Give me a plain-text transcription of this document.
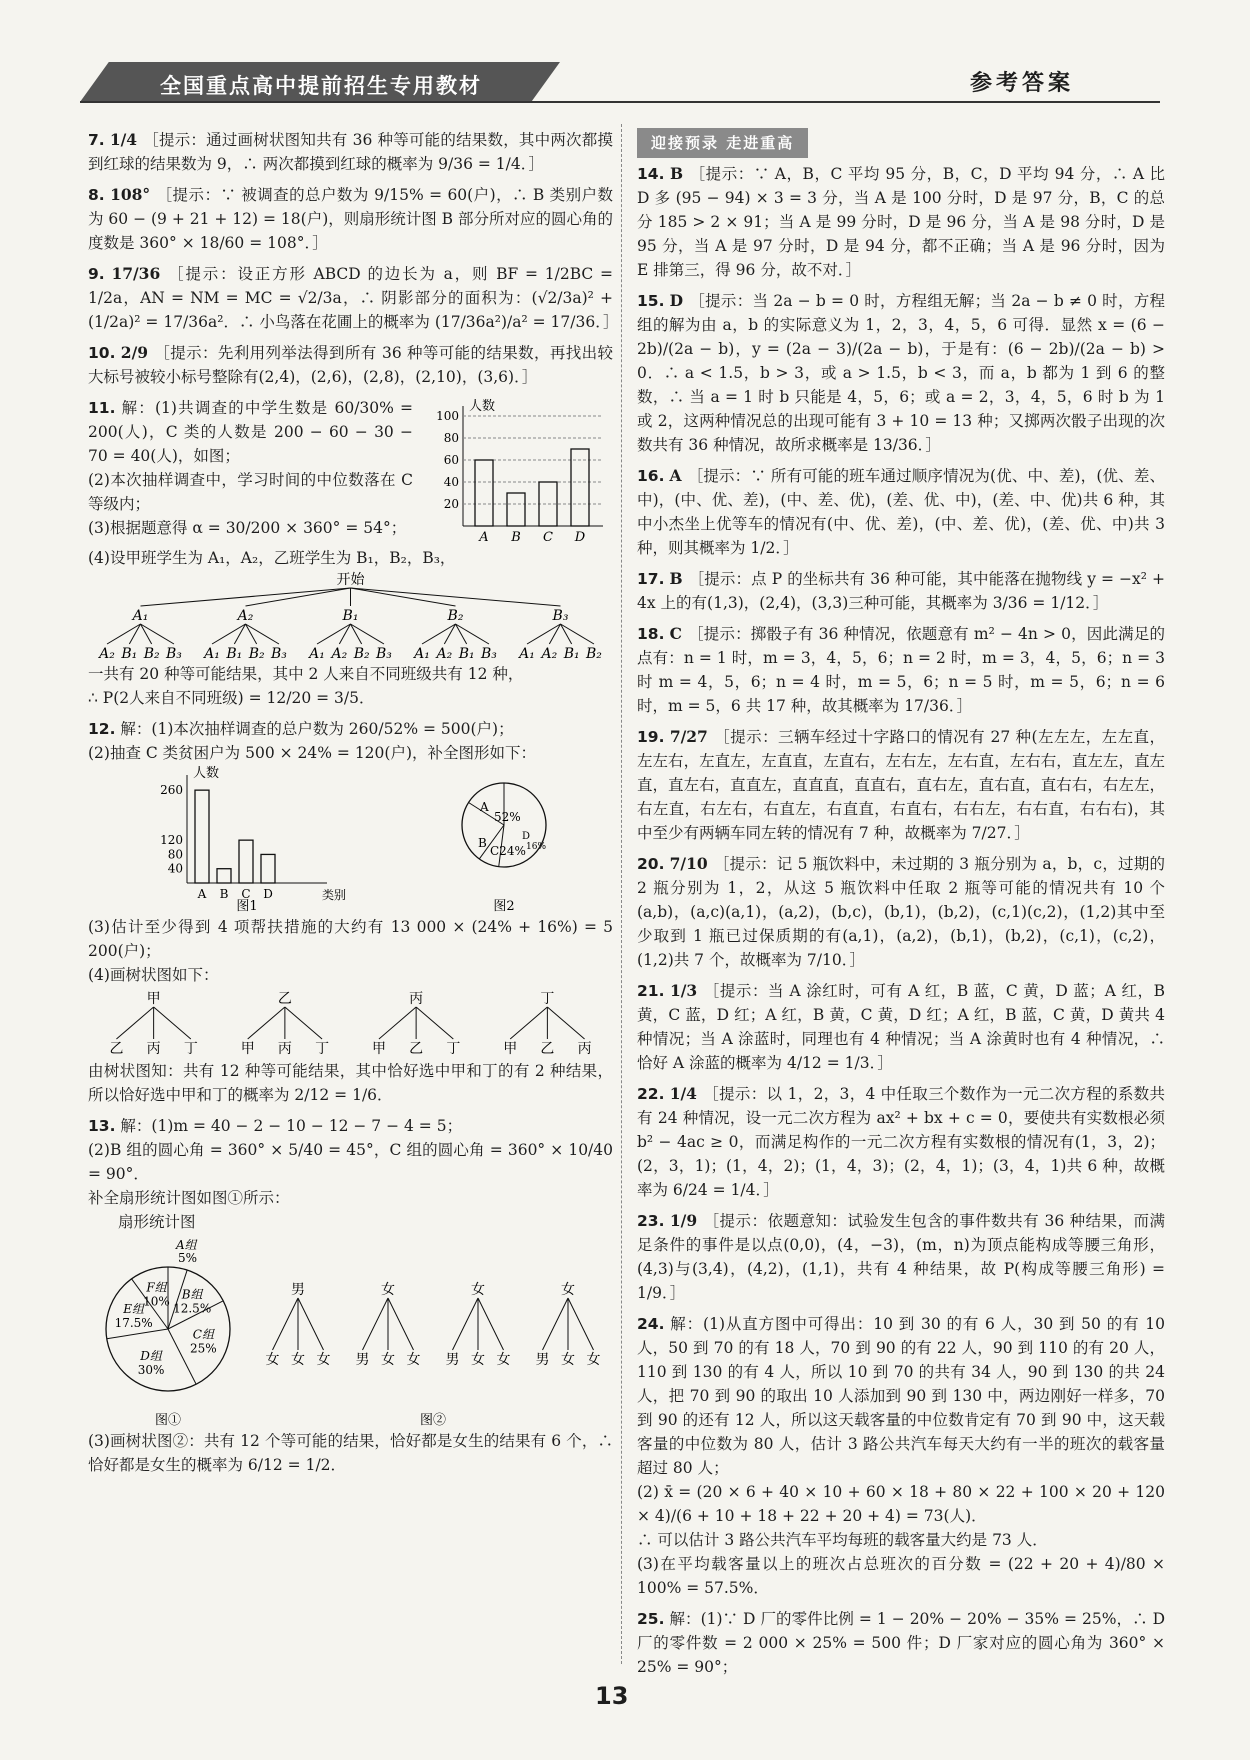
全国重点高中提前招生专用教材	参考答案
7. 1/4 ［提示：通过画树状图知共有 36 种等可能的结果数，其中两次都摸到红球的结果数为 9，∴ 两次都摸到红球的概率为 9/36 = 1/4．］
8. 108° ［提示：∵ 被调查的总户数为 9/15% = 60(户)，∴ B 类别户数为 60 − (9 + 21 + 12) = 18(户)，则扇形统计图 B 部分所对应的圆心角的度数是 360° × 18/60 = 108°．］
9. 17/36 ［提示：设正方形 ABCD 的边长为 a，则 BF = 1/2BC = 1/2a，AN = NM = MC = √2/3a，∴ 阴影部分的面积为：(√2/3a)² + (1/2a)² = 17/36a²．∴ 小鸟落在花圃上的概率为 (17/36a²)/a² = 17/36．］
10. 2/9 ［提示：先利用列举法得到所有 36 种等可能的结果数，再找出较大标号被较小标号整除有(2,4)，(2,6)，(2,8)，(2,10)，(3,6)．］
11. 解：(1)共调查的中学生数是 60/30% = 200(人)，C 类的人数是 200 − 60 − 30 − 70 = 40(人)，如图；
(2)本次抽样调查中，学习时间的中位数落在 C 等级内；
(3)根据题意得 α = 30/200 × 360° = 54°；
人数
20
40
60
80
100
A B C D
(4)设甲班学生为 A₁，A₂，乙班学生为 B₁，B₂，B₃，
开始
A₁
A₂ B₁ B₂ B₃
A₂
A₁ B₁ B₂ B₃
B₁
A₁ A₂ B₂ B₃
B₂
A₁ A₂ B₁ B₃
B₃
A₁ A₂ B₁ B₂
一共有 20 种等可能结果，其中 2 人来自不同班级共有 12 种，
∴ P(2人来自不同班级) = 12/20 = 3/5．
12. 解：(1)本次抽样调查的总户数为 260/52% = 500(户)；
(2)抽查 C 类贫困户为 500 × 24% = 120(户)，补全图形如下：
人数
类别
40
80
120
260
A B C D
图1
A
52%
B
C24%
D
16%
图2
(3)估计至少得到 4 项帮扶措施的大约有 13 000 × (24% + 16%) = 5 200(户)；
(4)画树状图如下：
甲
乙 丙 丁
乙
甲 丙 丁
丙
甲 乙 丁
丁
甲 乙 丙
由树状图知：共有 12 种等可能结果，其中恰好选中甲和丁的有 2 种结果，所以恰好选中甲和丁的概率为 2/12 = 1/6．
13. 解：(1)m = 40 − 2 − 10 − 12 − 7 − 4 = 5；
(2)B 组的圆心角 = 360° × 5/40 = 45°，C 组的圆心角 = 360° × 10/40 = 90°．
补全扇形统计图如图①所示：
扇形统计图
A组
5%
B组
12.5%
C组
25%
D组
30%
E组
17.5%
F组
10%
图①
男
女 女 女
女
男 女 女
女
男 女 女
女
男 女 女
图②
(3)画树状图②：共有 12 个等可能的结果，恰好都是女生的结果有 6 个，∴ 恰好都是女生的概率为 6/12 = 1/2．
迎接预录 走进重高
14. B ［提示：∵ A，B，C 平均 95 分，B，C，D 平均 94 分，∴ A 比 D 多 (95 − 94) × 3 = 3 分，当 A 是 100 分时，D 是 97 分，B，C 的总分 185 > 2 × 91；当 A 是 99 分时，D 是 96 分，当 A 是 98 分时，D 是 95 分，当 A 是 97 分时，D 是 94 分，都不正确；当 A 是 96 分时，因为 E 排第三，得 96 分，故不对．］
15. D ［提示：当 2a − b = 0 时，方程组无解；当 2a − b ≠ 0 时，方程组的解为由 a，b 的实际意义为 1，2，3，4，5，6 可得．显然 x = (6 − 2b)/(2a − b)，y = (2a − 3)/(2a − b)，于是有：(6 − 2b)/(2a − b) > 0．∴ a < 1.5，b > 3，或 a > 1.5，b < 3，而 a，b 都为 1 到 6 的整数，∴ 当 a = 1 时 b 只能是 4，5，6；或 a = 2，3，4，5，6 时 b 为 1 或 2，这两种情况总的出现可能有 3 + 10 = 13 种；又掷两次骰子出现的次数共有 36 种情况，故所求概率是 13/36．］
16. A ［提示：∵ 所有可能的班车通过顺序情况为(优、中、差)，(优、差、中)，(中、优、差)，(中、差、优)，(差、优、中)，(差、中、优)共 6 种，其中小杰坐上优等车的情况有(中、优、差)，(中、差、优)，(差、优、中)共 3 种，则其概率为 1/2．］
17. B ［提示：点 P 的坐标共有 36 种可能，其中能落在抛物线 y = −x² + 4x 上的有(1,3)，(2,4)，(3,3)三种可能，其概率为 3/36 = 1/12．］
18. C ［提示：掷骰子有 36 种情况，依题意有 m² − 4n > 0，因此满足的点有：n = 1 时，m = 3，4，5，6；n = 2 时，m = 3，4，5，6；n = 3 时 m = 4，5，6；n = 4 时，m = 5，6；n = 5 时，m = 5，6；n = 6 时，m = 5，6 共 17 种，故其概率为 17/36．］
19. 7/27 ［提示：三辆车经过十字路口的情况有 27 种(左左左，左左直，左左右，左直左，左直直，左直右，左右左，左右直，左右右，直左左，直左直，直左右，直直左，直直直，直直右，直右左，直右直，直右右，右左左，右左直，右左右，右直左，右直直，右直右，右右左，右右直，右右右)，其中至少有两辆车同左转的情况有 7 种，故概率为 7/27．］
20. 7/10 ［提示：记 5 瓶饮料中，未过期的 3 瓶分别为 a，b，c，过期的 2 瓶分别为 1，2，从这 5 瓶饮料中任取 2 瓶等可能的情况共有 10 个(a,b)，(a,c)(a,1)，(a,2)，(b,c)，(b,1)，(b,2)，(c,1)(c,2)，(1,2)其中至少取到 1 瓶已过保质期的有(a,1)，(a,2)，(b,1)，(b,2)，(c,1)，(c,2)，(1,2)共 7 个，故概率为 7/10．］
21. 1/3 ［提示：当 A 涂红时，可有 A 红，B 蓝，C 黄，D 蓝；A 红，B 黄，C 蓝，D 红；A 红，B 黄，C 黄，D 红；A 红，B 蓝，C 黄，D 黄共 4 种情况；当 A 涂蓝时，同理也有 4 种情况；当 A 涂黄时也有 4 种情况，∴ 恰好 A 涂蓝的概率为 4/12 = 1/3．］
22. 1/4 ［提示：以 1，2，3，4 中任取三个数作为一元二次方程的系数共有 24 种情况，设一元二次方程为 ax² + bx + c = 0，要使共有实数根必须 b² − 4ac ≥ 0，而满足构作的一元二次方程有实数根的情况有(1，3，2)；(2，3，1)；(1，4，2)；(1，4，3)；(2，4，1)；(3，4，1)共 6 种，故概率为 6/24 = 1/4．］
23. 1/9 ［提示：依题意知：试验发生包含的事件数共有 36 种结果，而满足条件的事件是以点(0,0)，(4，−3)，(m，n)为顶点能构成等腰三角形，(4,3)与(3,4)，(4,2)，(1,1)，共有 4 种结果，故 P(构成等腰三角形) = 1/9．］
24. 解：(1)从直方图中可得出：10 到 30 的有 6 人，30 到 50 的有 10 人，50 到 70 的有 18 人，70 到 90 的有 22 人，90 到 110 的有 20 人，110 到 130 的有 4 人，所以 10 到 70 的共有 34 人，90 到 130 的共 24 人，把 70 到 90 的取出 10 人添加到 90 到 130 中，两边刚好一样多，70 到 90 的还有 12 人，所以这天载客量的中位数肯定有 70 到 90 中，这天载客量的中位数为 80 人，估计 3 路公共汽车每天大约有一半的班次的载客量超过 80 人；
(2) x̄ = (20 × 6 + 40 × 10 + 60 × 18 + 80 × 22 + 100 × 20 + 120 × 4)/(6 + 10 + 18 + 22 + 20 + 4) = 73(人)．
∴ 可以估计 3 路公共汽车平均每班的载客量大约是 73 人．
(3)在平均载客量以上的班次占总班次的百分数 = (22 + 20 + 4)/80 × 100% = 57.5%．
25. 解：(1)∵ D 厂的零件比例 = 1 − 20% − 20% − 35% = 25%，∴ D 厂的零件数 = 2 000 × 25% = 500 件；D 厂家对应的圆心角为 360° × 25% = 90°；
13
